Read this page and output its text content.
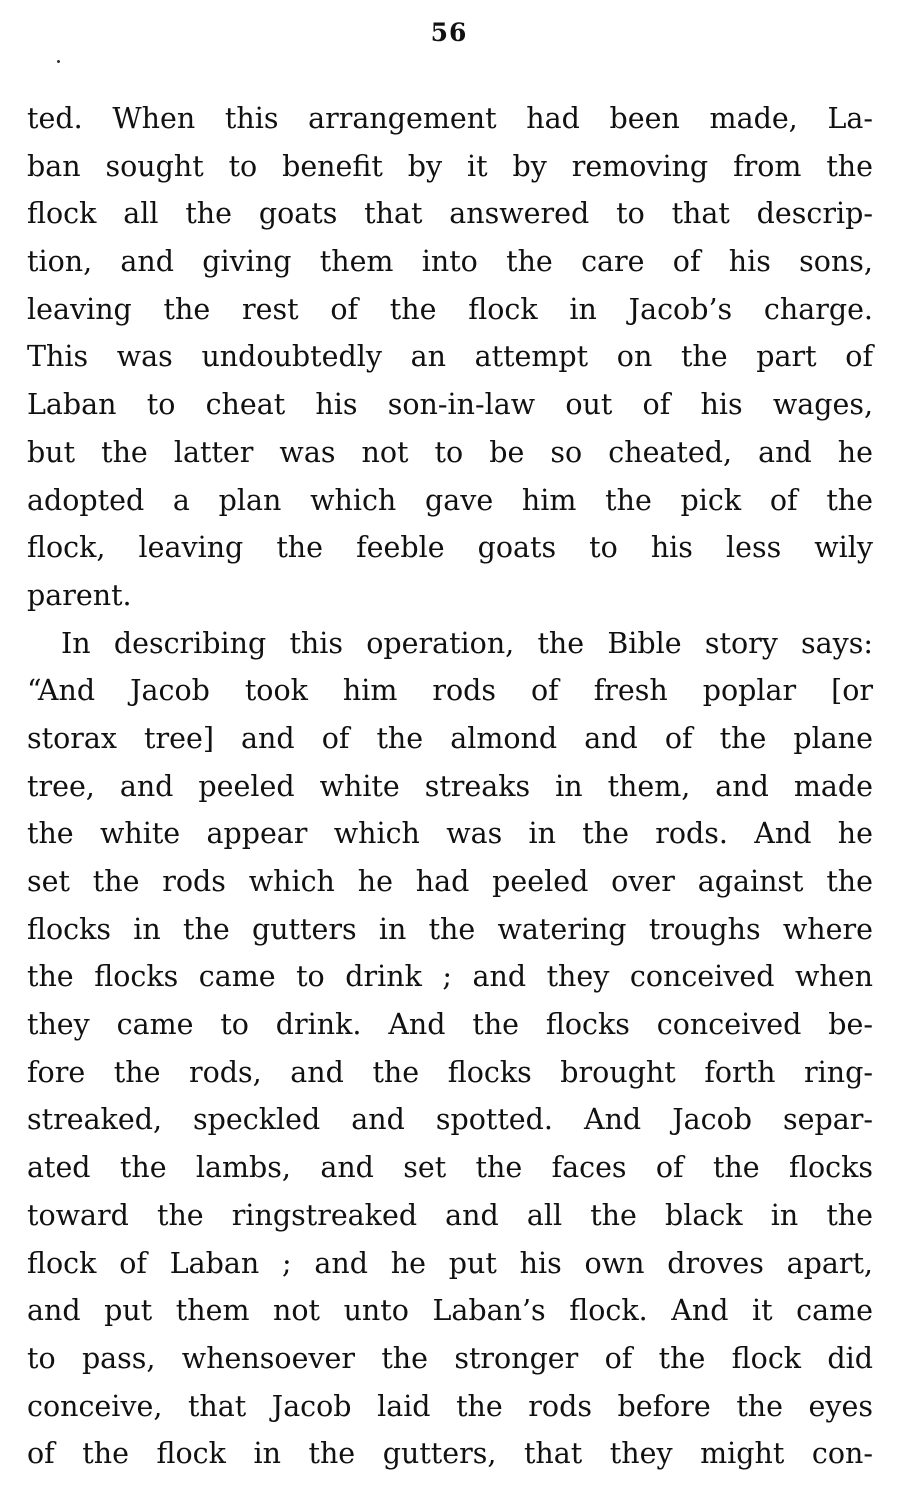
56
ted. When this arrangement had been made, La-
ban sought to benefit by it by removing from the
flock all the goats that answered to that descrip-
tion, and giving them into the care of his sons,
leaving the rest of the flock in Jacob’s charge.
This was undoubtedly an attempt on the part of
Laban to cheat his son-in-law out of his wages,
but the latter was not to be so cheated, and he
adopted a plan which gave him the pick of the
flock, leaving the feeble goats to his less wily
parent.
In describing this operation, the Bible story says:
“And Jacob took him rods of fresh poplar [or
storax tree] and of the almond and of the plane
tree, and peeled white streaks in them, and made
the white appear which was in the rods. And he
set the rods which he had peeled over against the
flocks in the gutters in the watering troughs where
the flocks came to drink ; and they conceived when
they came to drink. And the flocks conceived be-
fore the rods, and the flocks brought forth ring-
streaked, speckled and spotted. And Jacob separ-
ated the lambs, and set the faces of the flocks
toward the ringstreaked and all the black in the
flock of Laban ; and he put his own droves apart,
and put them not unto Laban’s flock. And it came
to pass, whensoever the stronger of the flock did
conceive, that Jacob laid the rods before the eyes
of the flock in the gutters, that they might con-
